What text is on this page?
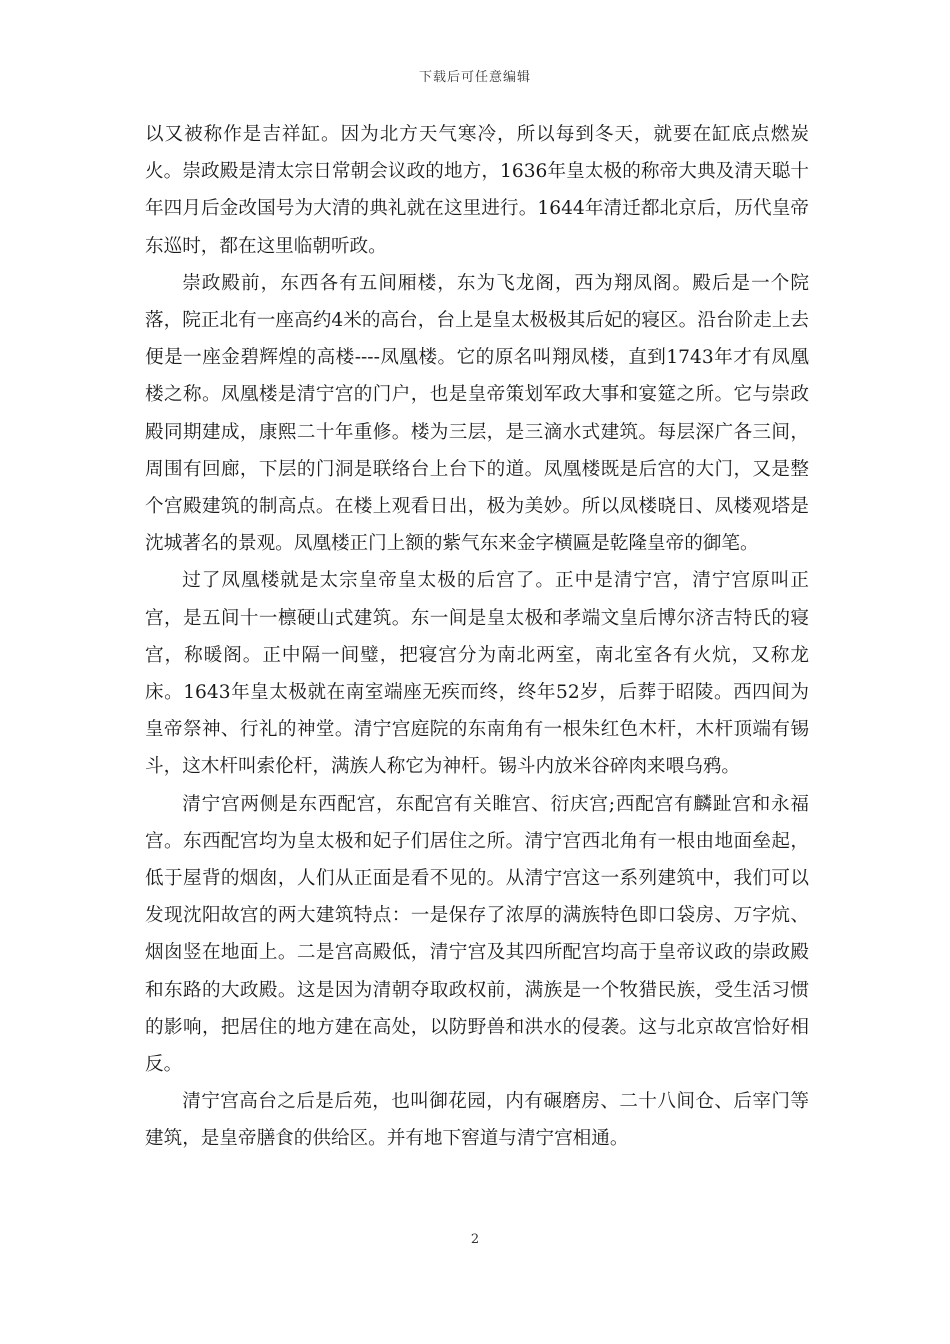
下载后可任意编辑

以又被称作是吉祥缸。因为北方天气寒冷，所以每到冬天，就要在缸底点燃炭火。崇政殿是清太宗日常朝会议政的地方，1636年皇太极的称帝大典及清天聪十年四月后金改国号为大清的典礼就在这里进行。1644年清迁都北京后，历代皇帝东巡时，都在这里临朝听政。

崇政殿前，东西各有五间厢楼，东为飞龙阁，西为翔凤阁。殿后是一个院落，院正北有一座高约4米的高台，台上是皇太极极其后妃的寝区。沿台阶走上去便是一座金碧辉煌的高楼----凤凰楼。它的原名叫翔凤楼，直到1743年才有凤凰楼之称。凤凰楼是清宁宫的门户，也是皇帝策划军政大事和宴筵之所。它与崇政殿同期建成，康熙二十年重修。楼为三层，是三滴水式建筑。每层深广各三间，周围有回廊，下层的门洞是联络台上台下的道。凤凰楼既是后宫的大门，又是整个宫殿建筑的制高点。在楼上观看日出，极为美妙。所以凤楼晓日、凤楼观塔是沈城著名的景观。凤凰楼正门上额的紫气东来金字横匾是乾隆皇帝的御笔。

过了凤凰楼就是太宗皇帝皇太极的后宫了。正中是清宁宫，清宁宫原叫正宫，是五间十一檩硬山式建筑。东一间是皇太极和孝端文皇后博尔济吉特氏的寝宫，称暖阁。正中隔一间璧，把寝宫分为南北两室，南北室各有火炕，又称龙床。1643年皇太极就在南室端座无疾而终，终年52岁，后葬于昭陵。西四间为皇帝祭神、行礼的神堂。清宁宫庭院的东南角有一根朱红色木杆，木杆顶端有锡斗，这木杆叫索伦杆，满族人称它为神杆。锡斗内放米谷碎肉来喂乌鸦。

清宁宫两侧是东西配宫，东配宫有关睢宫、衍庆宫;西配宫有麟趾宫和永福宫。东西配宫均为皇太极和妃子们居住之所。清宁宫西北角有一根由地面垒起，低于屋背的烟囱，人们从正面是看不见的。从清宁宫这一系列建筑中，我们可以发现沈阳故宫的两大建筑特点：一是保存了浓厚的满族特色即口袋房、万字炕、烟囱竖在地面上。二是宫高殿低，清宁宫及其四所配宫均高于皇帝议政的崇政殿和东路的大政殿。这是因为清朝夺取政权前，满族是一个牧猎民族，受生活习惯的影响，把居住的地方建在高处，以防野兽和洪水的侵袭。这与北京故宫恰好相反。

清宁宫高台之后是后苑，也叫御花园，内有碾磨房、二十八间仓、后宰门等建筑，是皇帝膳食的供给区。并有地下窖道与清宁宫相通。

2
